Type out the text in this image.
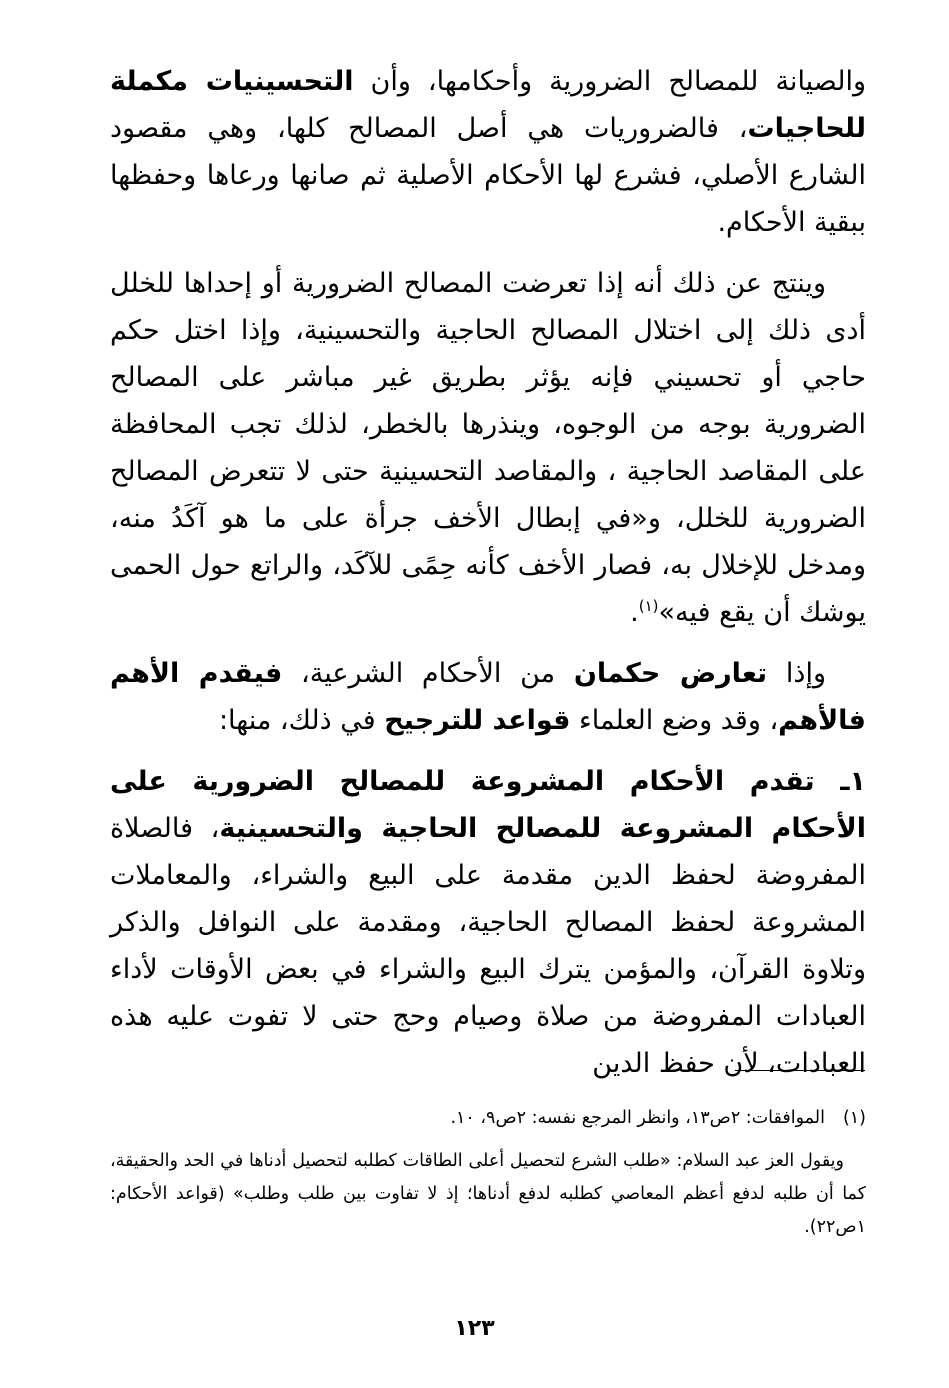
والصيانة للمصالح الضرورية وأحكامها، وأن التحسينيات مكملة للحاجيات، فالضروريات هي أصل المصالح كلها، وهي مقصود الشارع الأصلي، فشرع لها الأحكام الأصلية ثم صانها ورعاها وحفظها ببقية الأحكام.

وينتج عن ذلك أنه إذا تعرضت المصالح الضرورية أو إحداها للخلل أدى ذلك إلى اختلال المصالح الحاجية والتحسينية، وإذا اختل حكم حاجي أو تحسيني فإنه يؤثر بطريق غير مباشر على المصالح الضرورية بوجه من الوجوه، وينذرها بالخطر، لذلك تجب المحافظة على المقاصد الحاجية ، والمقاصد التحسينية حتى لا تتعرض المصالح الضرورية للخلل، و«في إبطال الأخف جرأة على ما هو آكَدُ منه، ومدخل للإخلال به، فصار الأخف كأنه حِمًى للآكَد، والراتع حول الحمى يوشك أن يقع فيه»$^{(١)}$.

وإذا تعارض حكمان من الأحكام الشرعية، فيقدم الأهم فالأهم، وقد وضع العلماء قواعد للترجيح في ذلك، منها:

١ـ تقدم الأحكام المشروعة للمصالح الضرورية على الأحكام المشروعة للمصالح الحاجية والتحسينية، فالصلاة المفروضة لحفظ الدين مقدمة على البيع والشراء، والمعاملات المشروعة لحفظ المصالح الحاجية، ومقدمة على النوافل والذكر وتلاوة القرآن، والمؤمن يترك البيع والشراء في بعض الأوقات لأداء العبادات المفروضة من صلاة وصيام وحج حتى لا تفوت عليه هذه العبادات، لأن حفظ الدين

(١)الموافقات: ٢ص١٣، وانظر المرجع نفسه: ٢ص٩، ١٠.

ويقول العز عبد السلام: «طلب الشرع لتحصيل أعلى الطاقات كطلبه لتحصيل أدناها في الحد والحقيقة، كما أن طلبه لدفع أعظم المعاصي كطلبه لدفع أدناها؛ إذ لا تفاوت بين طلب وطلب» (قواعد الأحكام: ١ص٢٢).

١٢٣
